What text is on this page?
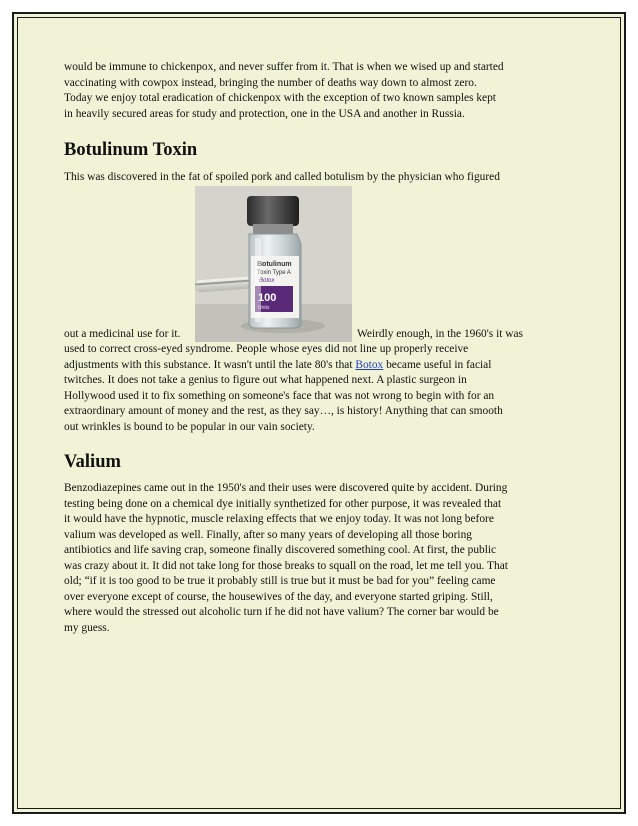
would be immune to chickenpox, and never suffer from it. That is when we wised up and started

vaccinating with cowpox instead, bringing the number of deaths way down to almost zero.

Today we enjoy total eradication of chickenpox with the exception of two known samples kept

in heavily secured areas for study and protection, one in the USA and another in Russia.

Botulinum Toxin

This was discovered in the fat of spoiled pork and called botulism by the physician who figured

Botulinum
Toxin Type A
Botox
100
Units
out a medicinal use for it.	Weirdly enough, in the 1960's it was

used to correct cross-eyed syndrome. People whose eyes did not line up properly receive

adjustments with this substance. It wasn't until the late 80's that Botox became useful in facial

twitches. It does not take a genius to figure out what happened next. A plastic surgeon in

Hollywood used it to fix something on someone's face that was not wrong to begin with for an

extraordinary amount of money and the rest, as they say…, is history! Anything that can smooth

out wrinkles is bound to be popular in our vain society.

Valium

Benzodiazepines came out in the 1950's and their uses were discovered quite by accident. During

testing being done on a chemical dye initially synthetized for other purpose, it was revealed that

it would have the hypnotic, muscle relaxing effects that we enjoy today. It was not long before

valium was developed as well. Finally, after so many years of developing all those boring

antibiotics and life saving crap, someone finally discovered something cool. At first, the public

was crazy about it. It did not take long for those breaks to squall on the road, let me tell you. That

old; “if it is too good to be true it probably still is true but it must be bad for you” feeling came

over everyone except of course, the housewives of the day, and everyone started griping. Still,

where would the stressed out alcoholic turn if he did not have valium? The corner bar would be

my guess.
